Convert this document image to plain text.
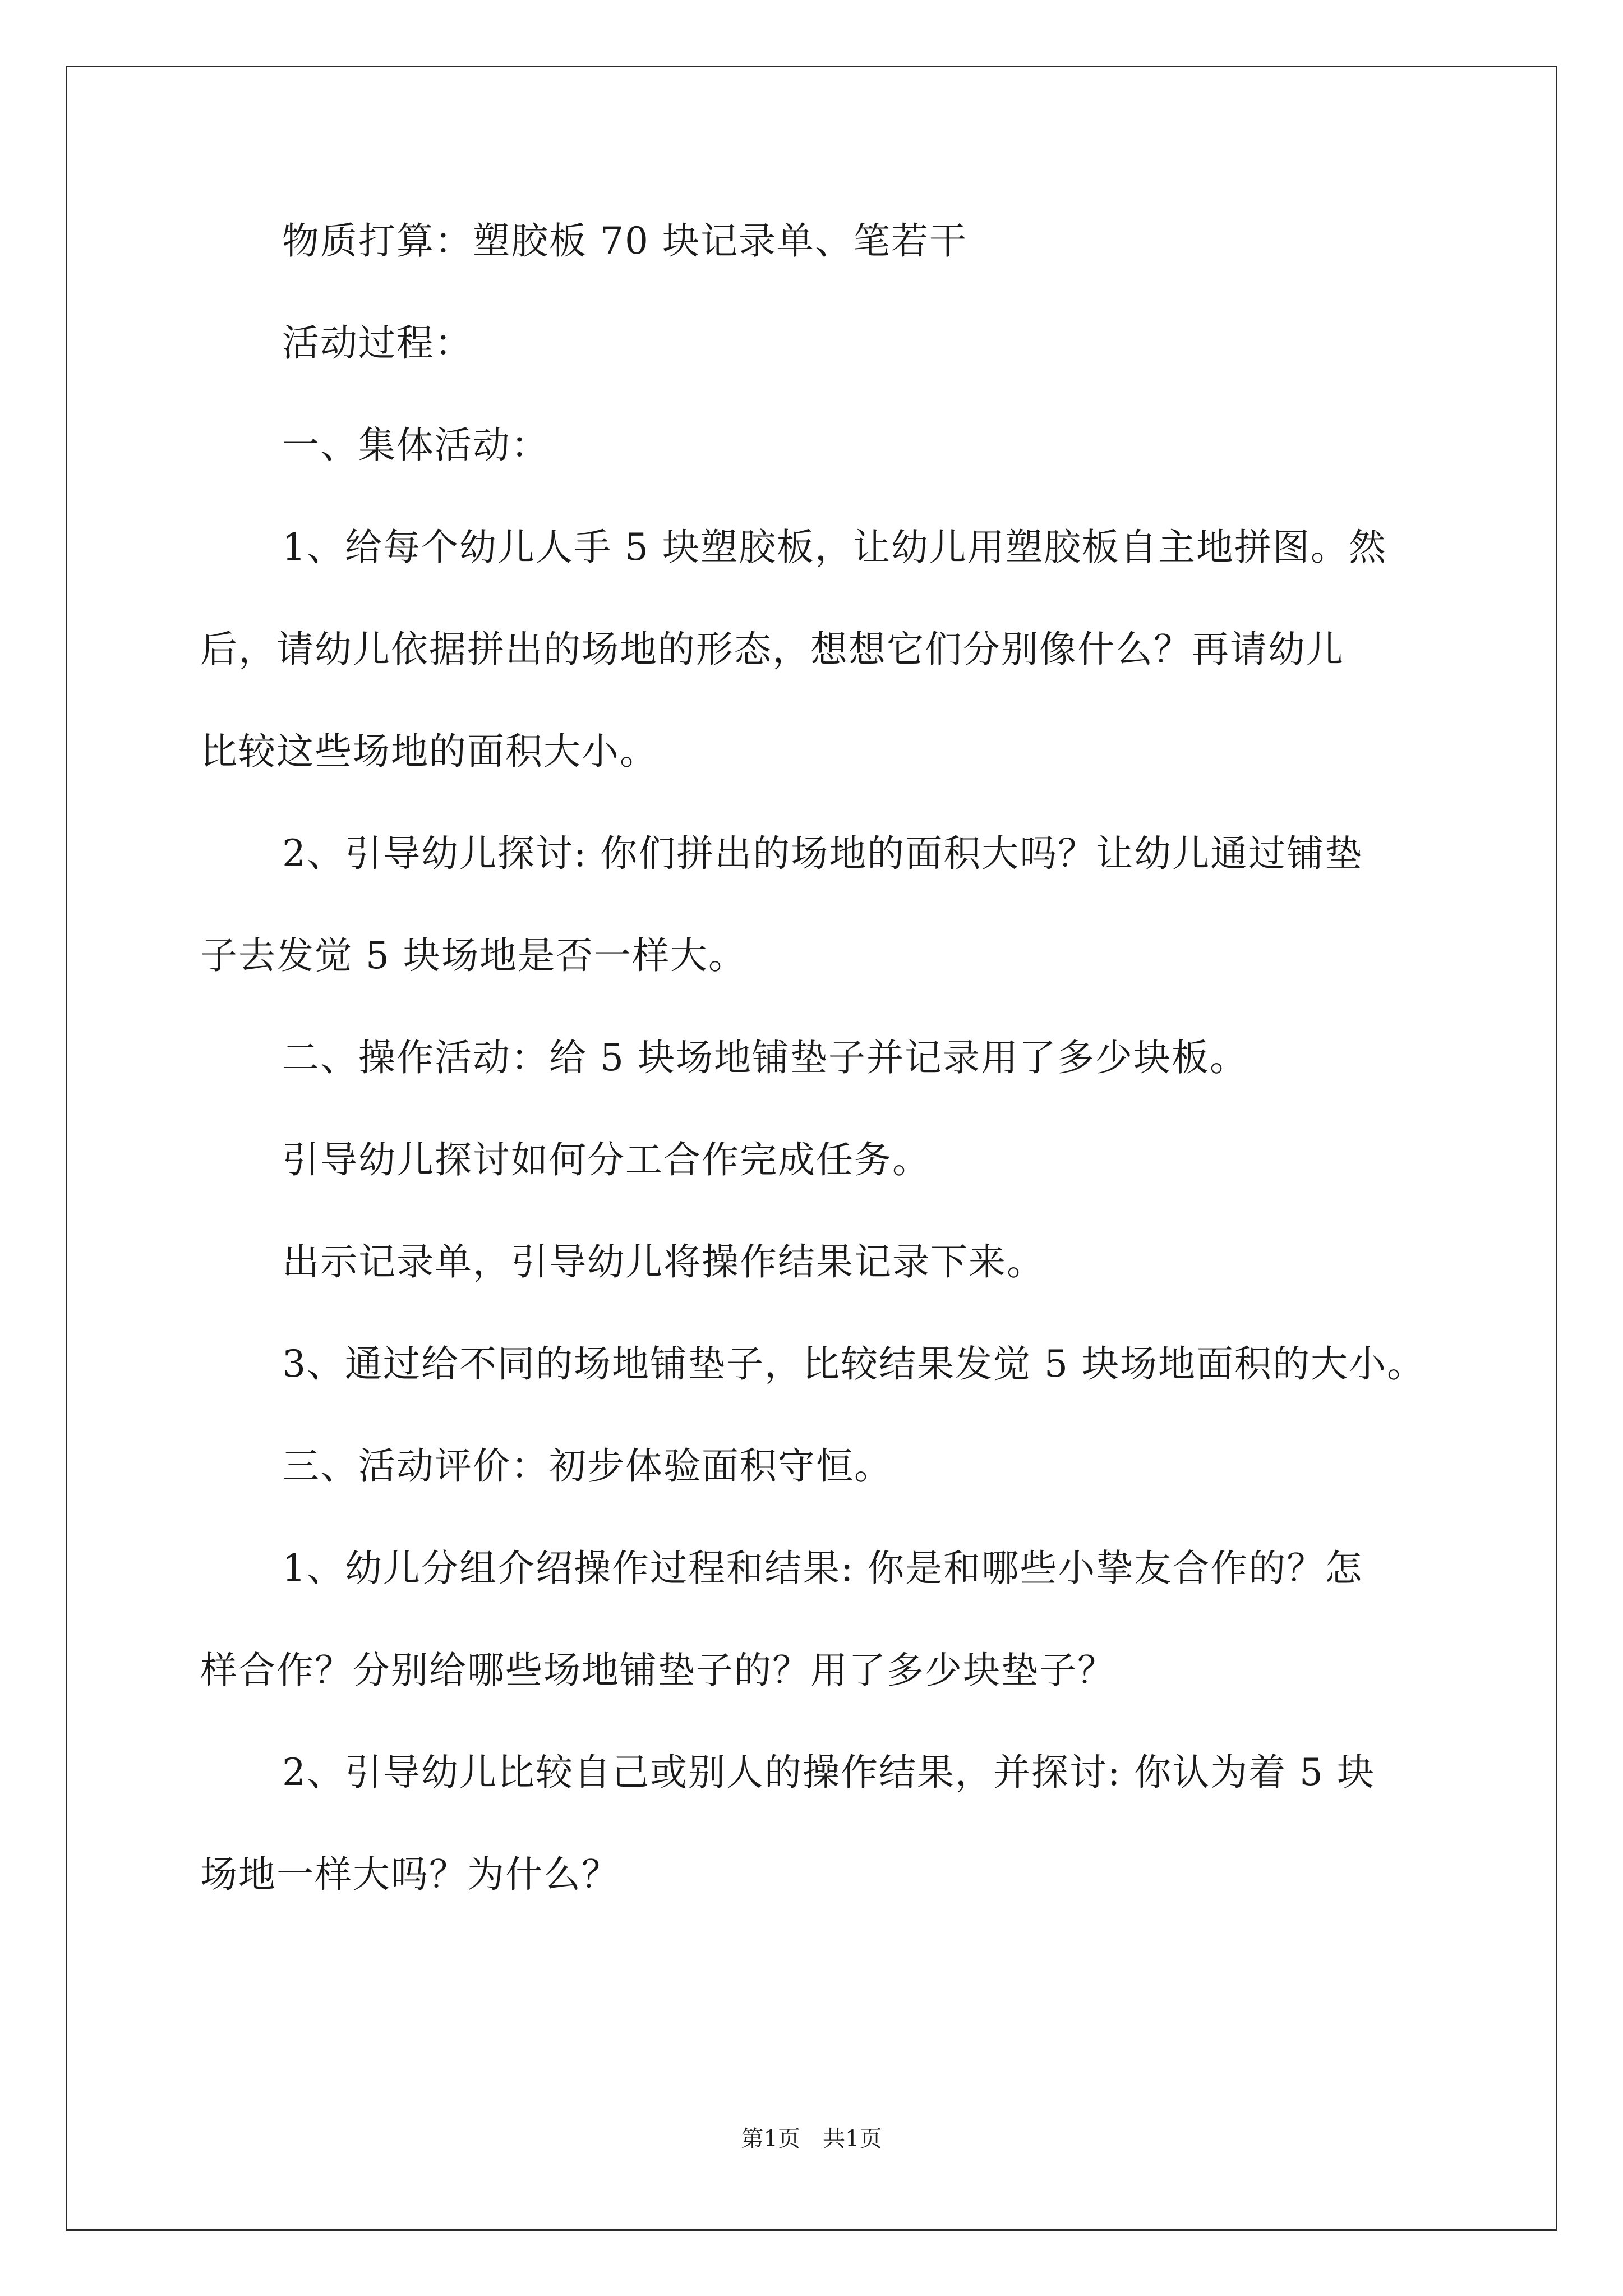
物质打算：塑胶板 70 块记录单、笔若干
活动过程：
一、集体活动：
1、给每个幼儿人手 5 块塑胶板，让幼儿用塑胶板自主地拼图。然
后，请幼儿依据拼出的场地的形态，想想它们分别像什么？再请幼儿
比较这些场地的面积大小。
2、引导幼儿探讨: 你们拼出的场地的面积大吗？让幼儿通过铺垫
子去发觉 5 块场地是否一样大。
二、操作活动：给 5 块场地铺垫子并记录用了多少块板。
引导幼儿探讨如何分工合作完成任务。
出示记录单，引导幼儿将操作结果记录下来。
3、通过给不同的场地铺垫子，比较结果发觉 5 块场地面积的大小。
三、活动评价：初步体验面积守恒。
1、幼儿分组介绍操作过程和结果: 你是和哪些小挚友合作的？怎
样合作？分别给哪些场地铺垫子的？用了多少块垫子？
2、引导幼儿比较自己或别人的操作结果，并探讨: 你认为着 5 块
场地一样大吗？为什么？
第1页　共1页
